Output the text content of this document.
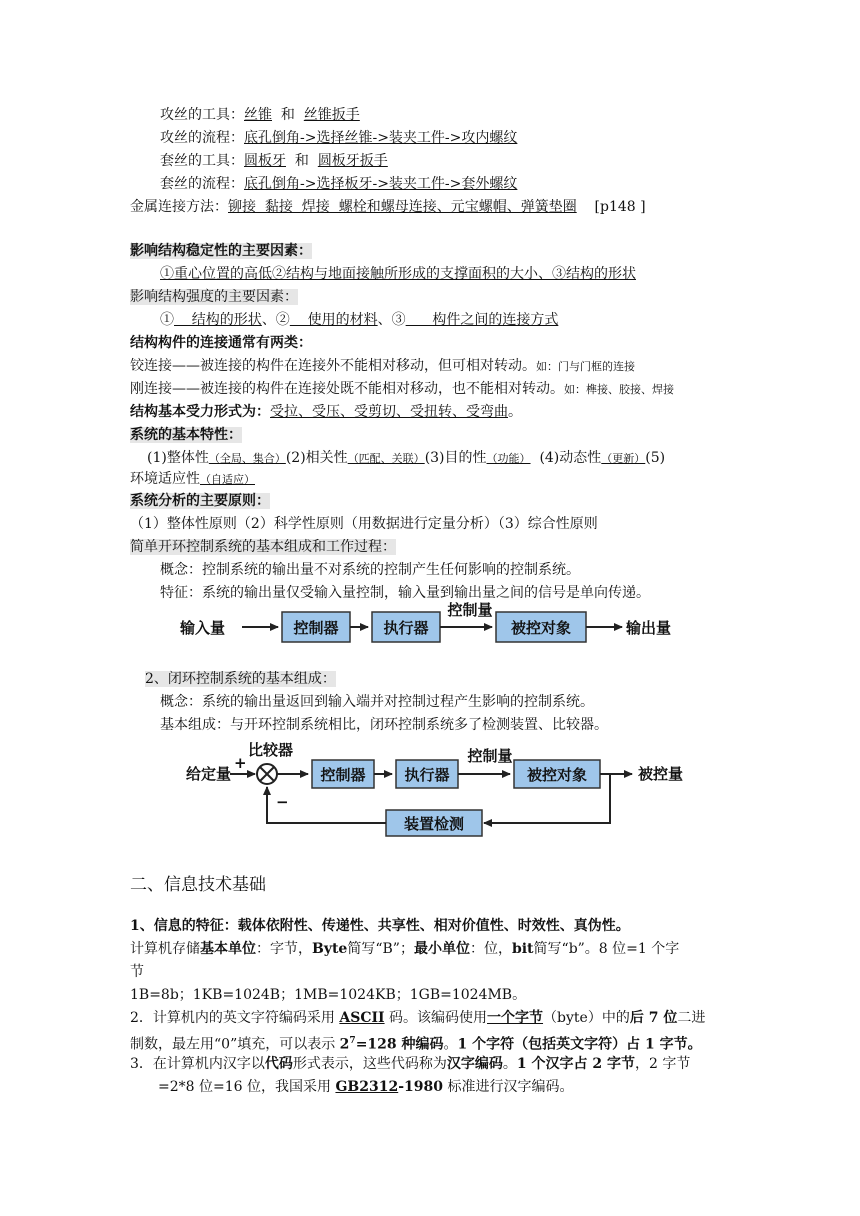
攻丝的工具：丝锥 和 丝锥扳手
攻丝的流程：底孔倒角->选择丝锥->装夹工件->攻内螺纹
套丝的工具：圆板牙 和 圆板牙扳手
套丝的流程：底孔倒角->选择板牙->装夹工件->套外螺纹
金属连接方法：铆接  黏接  焊接  螺栓和螺母连接、元宝螺帽、弹簧垫圈 [p148 ]
影响结构稳定性的主要因素：
①重心位置的高低②结构与地面接触所形成的支撑面积的大小、③结构的形状
影响结构强度的主要因素：
①    结构的形状、②    使用的材料、③      构件之间的连接方式
结构构件的连接通常有两类：
铰连接——被连接的构件在连接外不能相对移动，但可相对转动。如：门与门框的连接
刚连接——被连接的构件在连接处既不能相对移动，也不能相对转动。如：榫接、胶接、焊接
结构基本受力形式为：受拉、受压、受剪切、受扭转、受弯曲。
系统的基本特性：
(1)整体性（全局、集合）(2)相关性（匹配、关联）(3)目的性（功能） (4)动态性（更新）(5)
环境适应性（自适应）
系统分析的主要原则：
（1）整体性原则（2）科学性原则（用数据进行定量分析）（3）综合性原则
简单开环控制系统的基本组成和工作过程：
概念：控制系统的输出量不对系统的控制产生任何影响的控制系统。
特征：系统的输出量仅受输入量控制，输入量到输出量之间的信号是单向传递。
输入量	控制器	执行器
控制量
被控对象	输出量
2、闭环控制系统的基本组成：
概念：系统的输出量返回到输入端并对控制过程产生影响的控制系统。
基本组成：与开环控制系统相比，闭环控制系统多了检测装置、比较器。
比较器
+
给定量	控制器	执行器
控制量
被控对象	被控量
装置检测
−
二、信息技术基础
1、信息的特征：载体依附性、传递性、共享性、相对价值性、时效性、真伪性。
计算机存储基本单位：字节，Byte简写“B”；最小单位：位，bit简写“b”。8 位=1 个字
节
1B=8b；1KB=1024B；1MB=1024KB；1GB=1024MB。
2．计算机内的英文字符编码采用 ASCII 码。该编码使用一个字节（byte）中的后 7 位二进
制数，最左用“0”填充，可以表示 $2^7=128$ 种编码。1 个字符（包括英文字符）占 1 字节。
3．在计算机内汉字以代码形式表示，这些代码称为汉字编码。1 个汉字占 2 字节，2 字节
=2*8 位=16 位，我国采用 GB2312-1980 标准进行汉字编码。
